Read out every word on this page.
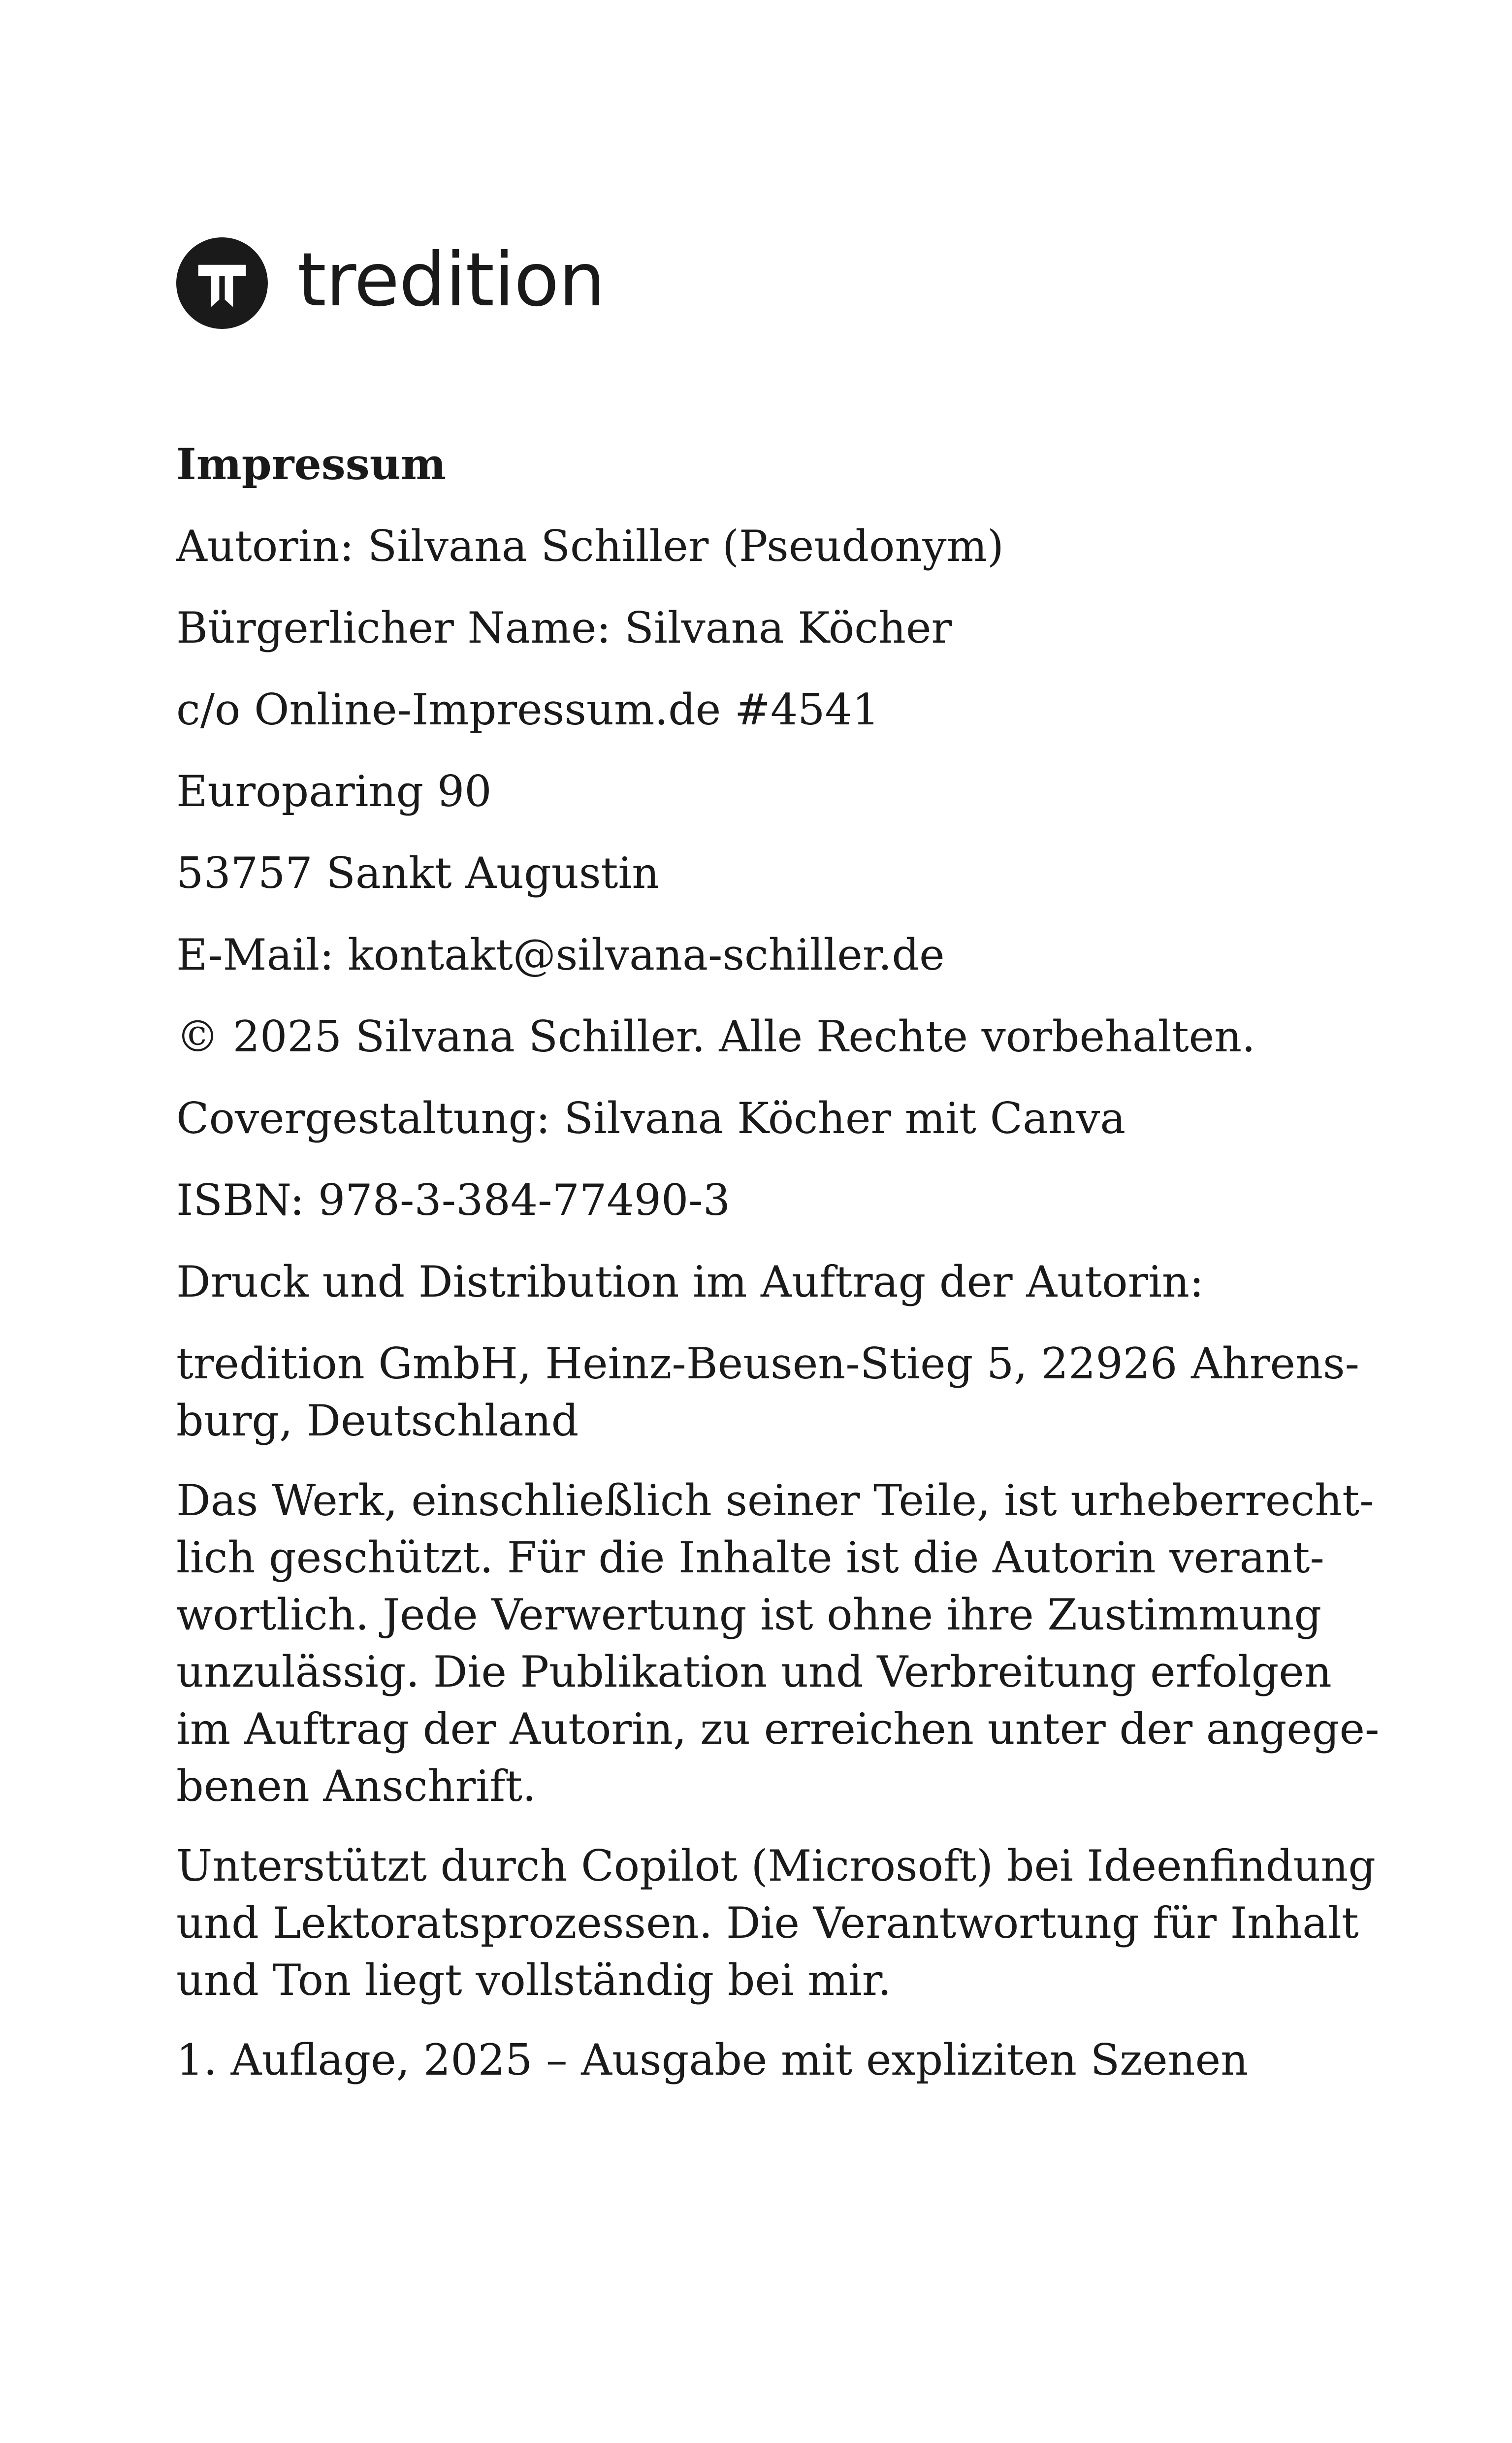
tredition

Impressum

Autorin: Silvana Schiller (Pseudonym)

Bürgerlicher Name: Silvana Köcher

c/o Online-Impressum.de #4541

Europaring 90

53757 Sankt Augustin

E-Mail: kontakt@silvana-schiller.de

© 2025 Silvana Schiller. Alle Rechte vorbehalten.

Covergestaltung: Silvana Köcher mit Canva

ISBN: 978-3-384-77490-3

Druck und Distribution im Auftrag der Autorin:

tredition GmbH, Heinz-Beusen-Stieg 5, 22926 Ahrens-
burg, Deutschland
Das Werk, einschließlich seiner Teile, ist urheberrecht-
lich geschützt. Für die Inhalte ist die Autorin verant-
wortlich. Jede Verwertung ist ohne ihre Zustimmung
unzulässig. Die Publikation und Verbreitung erfolgen
im Auftrag der Autorin, zu erreichen unter der angege-
benen Anschrift.
Unterstützt durch Copilot (Microsoft) bei Ideenfindung
und Lektoratsprozessen. Die Verantwortung für Inhalt
und Ton liegt vollständig bei mir.

1. Auflage, 2025 – Ausgabe mit expliziten Szenen
